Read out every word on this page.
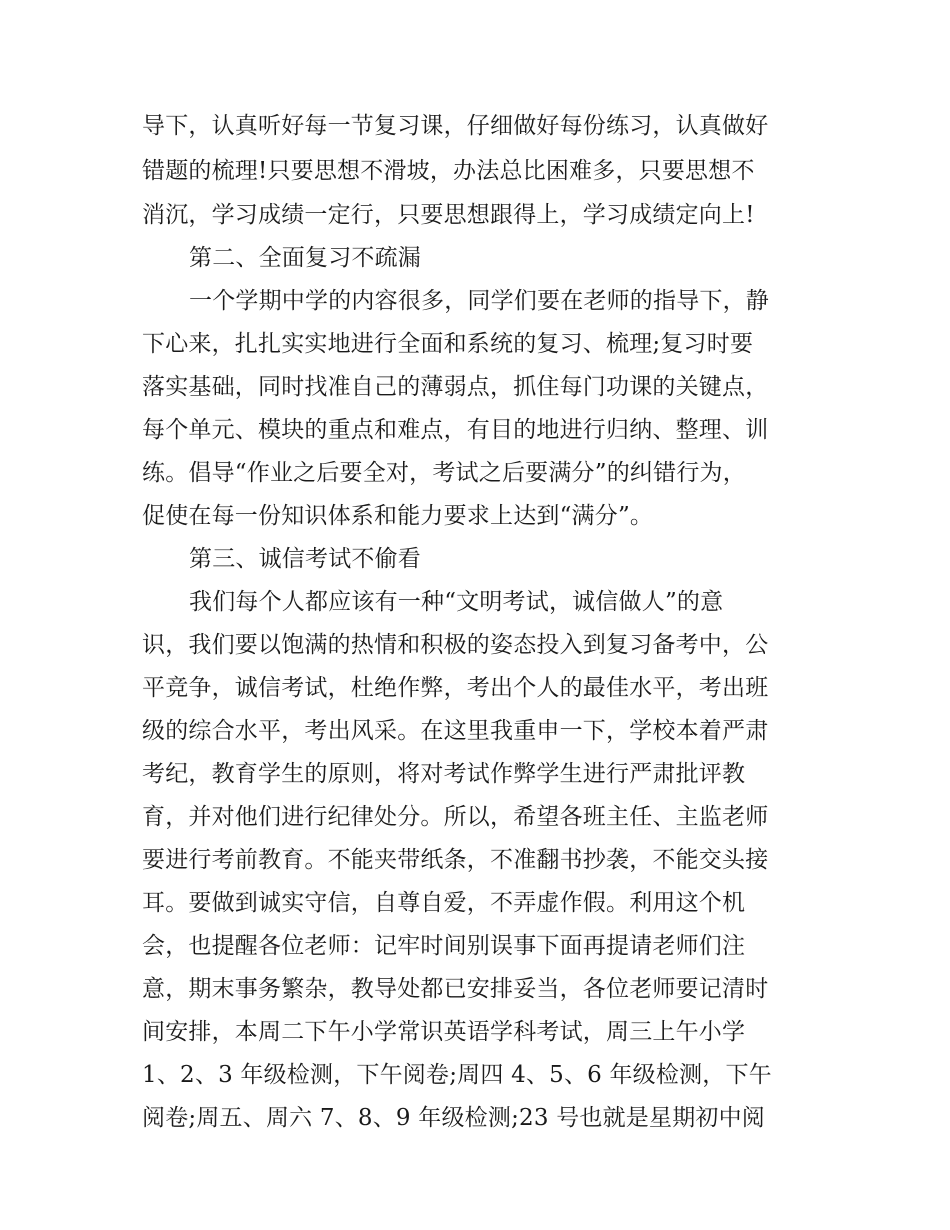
导下，认真听好每一节复习课，仔细做好每份练习，认真做好
错题的梳理!只要思想不滑坡，办法总比困难多，只要思想不
消沉，学习成绩一定行，只要思想跟得上，学习成绩定向上!
第二、全面复习不疏漏
一个学期中学的内容很多，同学们要在老师的指导下，静
下心来，扎扎实实地进行全面和系统的复习、梳理;复习时要
落实基础，同时找准自己的薄弱点，抓住每门功课的关键点，
每个单元、模块的重点和难点，有目的地进行归纳、整理、训
练。倡导“作业之后要全对，考试之后要满分”的纠错行为，
促使在每一份知识体系和能力要求上达到“满分”。
第三、诚信考试不偷看
我们每个人都应该有一种“文明考试，诚信做人”的意
识，我们要以饱满的热情和积极的姿态投入到复习备考中，公
平竞争，诚信考试，杜绝作弊，考出个人的最佳水平，考出班
级的综合水平，考出风采。在这里我重申一下，学校本着严肃
考纪，教育学生的原则，将对考试作弊学生进行严肃批评教
育，并对他们进行纪律处分。所以，希望各班主任、主监老师
要进行考前教育。不能夹带纸条，不准翻书抄袭，不能交头接
耳。要做到诚实守信，自尊自爱，不弄虚作假。利用这个机
会，也提醒各位老师：记牢时间别误事下面再提请老师们注
意，期末事务繁杂，教导处都已安排妥当，各位老师要记清时
间安排，本周二下午小学常识英语学科考试，周三上午小学
1、2、3 年级检测，下午阅卷;周四 4、5、6 年级检测，下午
阅卷;周五、周六 7、8、9 年级检测;23 号也就是星期初中阅
